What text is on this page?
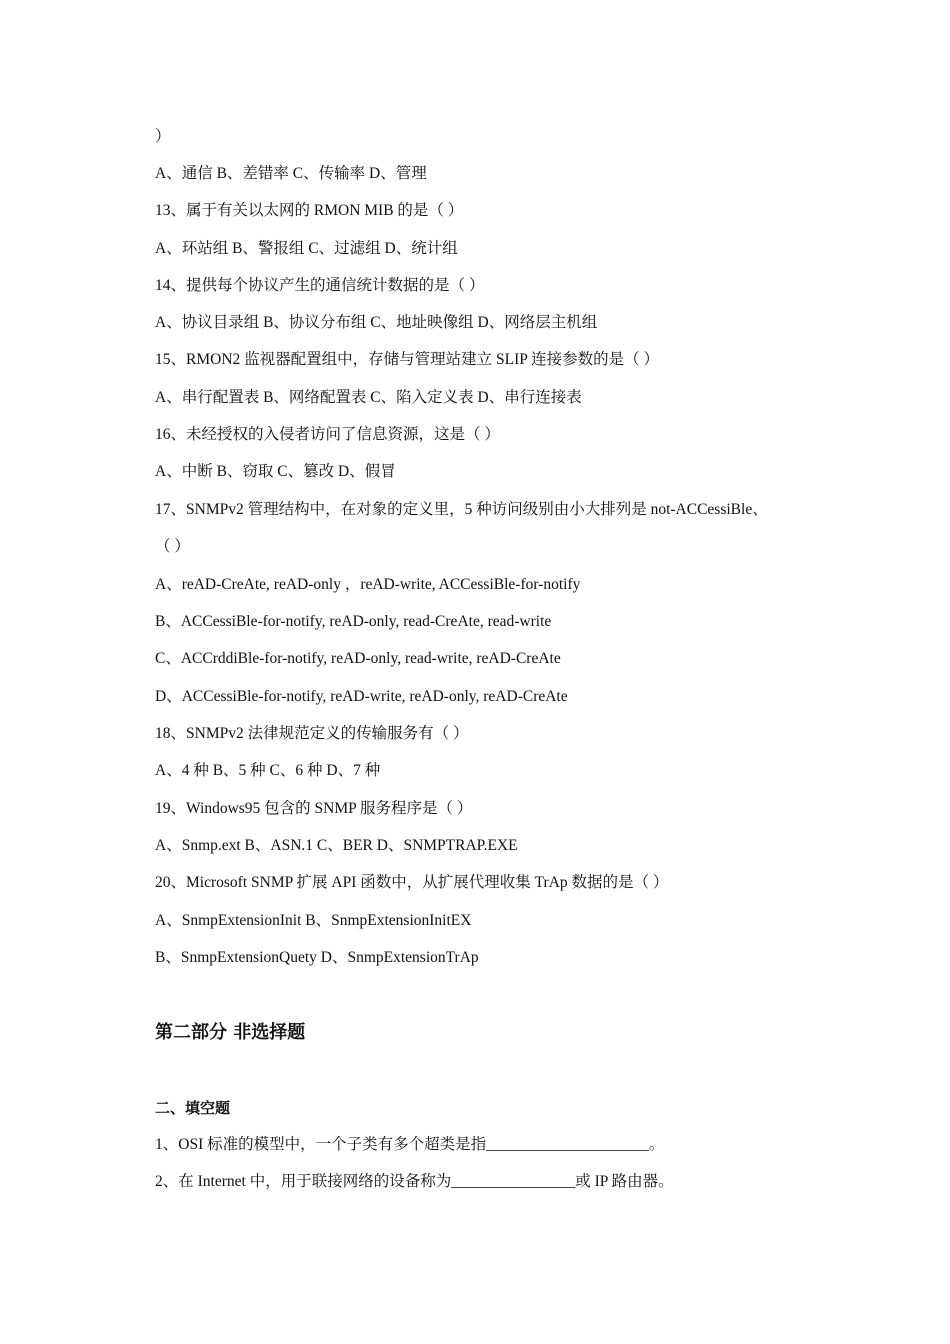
）
A、通信 B、差错率 C、传输率 D、管理
13、属于有关以太网的 RMON MIB 的是（ ）
A、环站组 B、警报组 C、过滤组 D、统计组
14、提供每个协议产生的通信统计数据的是（ ）
A、协议目录组 B、协议分布组 C、地址映像组 D、网络层主机组
15、RMON2 监视器配置组中，存储与管理站建立 SLIP 连接参数的是（ ）
A、串行配置表 B、网络配置表 C、陷入定义表 D、串行连接表
16、未经授权的入侵者访问了信息资源，这是（ ）
A、中断 B、窃取 C、篡改 D、假冒
17、SNMPv2 管理结构中，在对象的定义里，5 种访问级别由小大排列是 not-ACCessiBle、
（ ）
A、reAD-CreAte, reAD-only ，reAD-write, ACCessiBle-for-notify
B、ACCessiBle-for-notify, reAD-only, read-CreAte, read-write
C、ACCrddiBle-for-notify, reAD-only, read-write, reAD-CreAte
D、ACCessiBle-for-notify, reAD-write, reAD-only, reAD-CreAte
18、SNMPv2 法律规范定义的传输服务有（ ）
A、4 种 B、5 种 C、6 种 D、7 种
19、Windows95 包含的 SNMP 服务程序是（ ）
A、Snmp.ext B、ASN.1 C、BER D、SNMPTRAP.EXE
20、Microsoft SNMP 扩展 API 函数中，从扩展代理收集 TrAp 数据的是（ ）
A、SnmpExtensionInit B、SnmpExtensionInitEX
B、SnmpExtensionQuety D、SnmpExtensionTrAp
第二部分 非选择题
二、填空题
1、OSI 标准的模型中，一个子类有多个超类是指_____________________。
2、在 Internet 中，用于联接网络的设备称为________________或 IP 路由器。
